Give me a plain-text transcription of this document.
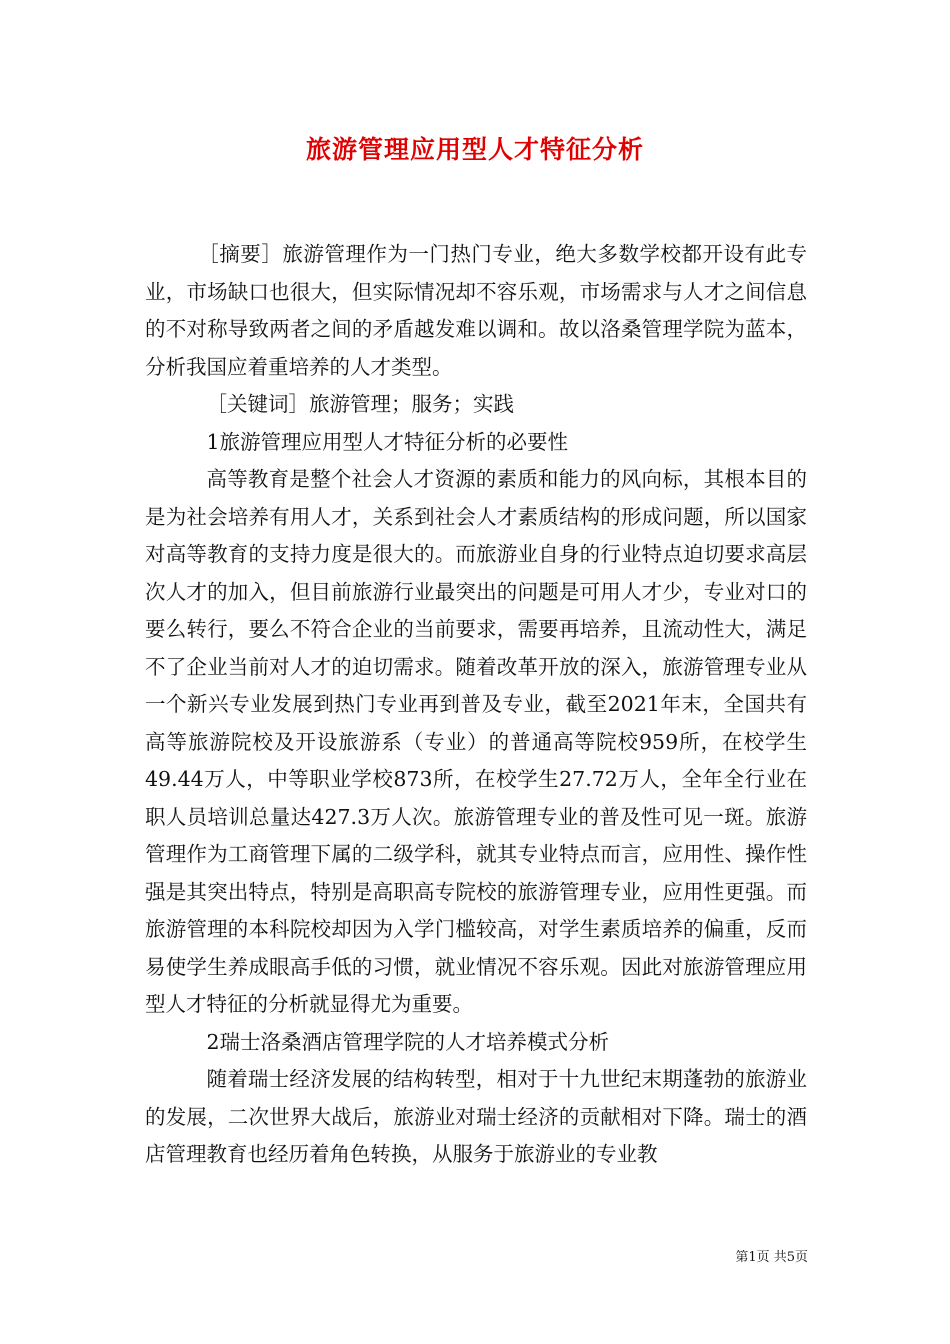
旅游管理应用型人才特征分析

［摘要］旅游管理作为一门热门专业，绝大多数学校都开设有此专业，市场缺口也很大，但实际情况却不容乐观，市场需求与人才之间信息的不对称导致两者之间的矛盾越发难以调和。故以洛桑管理学院为蓝本，分析我国应着重培养的人才类型。

［关键词］旅游管理；服务；实践

1旅游管理应用型人才特征分析的必要性

高等教育是整个社会人才资源的素质和能力的风向标，其根本目的是为社会培养有用人才，关系到社会人才素质结构的形成问题，所以国家对高等教育的支持力度是很大的。而旅游业自身的行业特点迫切要求高层次人才的加入，但目前旅游行业最突出的问题是可用人才少，专业对口的要么转行，要么不符合企业的当前要求，需要再培养，且流动性大，满足不了企业当前对人才的迫切需求。随着改革开放的深入，旅游管理专业从一个新兴专业发展到热门专业再到普及专业，截至2021年末，全国共有高等旅游院校及开设旅游系（专业）的普通高等院校959所，在校学生49.44万人，中等职业学校873所，在校学生27.72万人，全年全行业在职人员培训总量达427.3万人次。旅游管理专业的普及性可见一斑。旅游管理作为工商管理下属的二级学科，就其专业特点而言，应用性、操作性强是其突出特点，特别是高职高专院校的旅游管理专业，应用性更强。而旅游管理的本科院校却因为入学门槛较高，对学生素质培养的偏重，反而易使学生养成眼高手低的习惯，就业情况不容乐观。因此对旅游管理应用型人才特征的分析就显得尤为重要。

2瑞士洛桑酒店管理学院的人才培养模式分析

随着瑞士经济发展的结构转型，相对于十九世纪末期蓬勃的旅游业的发展，二次世界大战后，旅游业对瑞士经济的贡献相对下降。瑞士的酒店管理教育也经历着角色转换，从服务于旅游业的专业教

第1页 共5页
